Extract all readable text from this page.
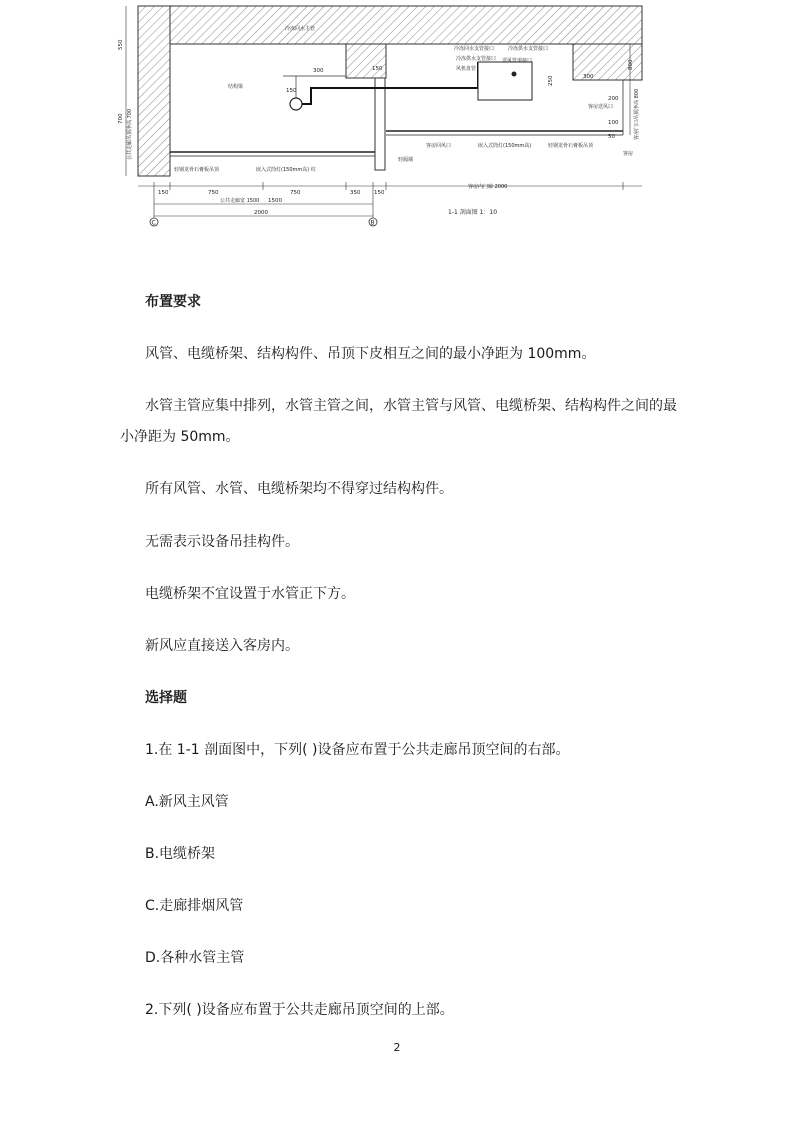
冷冻回水主管
冷冻回水支管接口	冷冻供水支管接口
冷冻供水支管接口 送风管道接口
风机盘管
结构梁
客房回风口	嵌入式筒灯(150mm高)	轻钢龙骨石膏板吊顶
轻钢龙骨石膏板吊顶	嵌入式筒灯(150mm高) 柱
轻隔墙
客房
客房送风口
客房内门廊 2000
1-1 剖面图 1：10
公共走廊宽 1500
公共走廊吊顶净高 700	客房门口吊顶净高 800
150	750	750	350 150
1500
2000
300
300
150
150
550
700
250
800
200
100
50
C	B
布置要求
风管、电缆桥架、结构构件、吊顶下皮相互之间的最小净距为 100mm。
水管主管应集中排列，水管主管之间，水管主管与风管、电缆桥架、结构构件之间的最小净距为 50mm。
所有风管、水管、电缆桥架均不得穿过结构构件。
无需表示设备吊挂构件。
电缆桥架不宜设置于水管正下方。
新风应直接送入客房内。
选择题
1.在 1-1 剖面图中，下列( )设备应布置于公共走廊吊顶空间的右部。
A.新风主风管
B.电缆桥架
C.走廊排烟风管
D.各种水管主管
2.下列( )设备应布置于公共走廊吊顶空间的上部。
2
